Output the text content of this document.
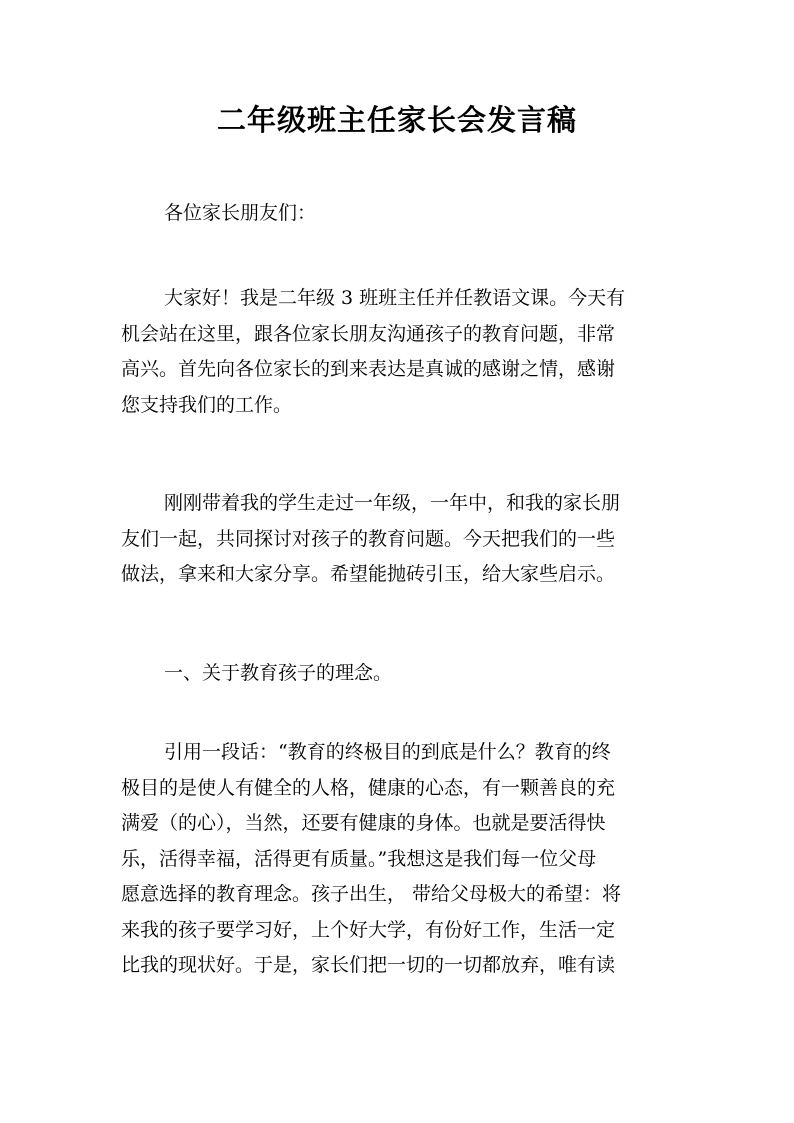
二年级班主任家长会发言稿
各位家长朋友们：
大家好！我是二年级 3 班班主任并任教语文课。今天有
机会站在这里，跟各位家长朋友沟通孩子的教育问题，非常
高兴。首先向各位家长的到来表达是真诚的感谢之情，感谢
您支持我们的工作。
刚刚带着我的学生走过一年级，一年中，和我的家长朋
友们一起，共同探讨对孩子的教育问题。今天把我们的一些
做法，拿来和大家分享。希望能抛砖引玉，给大家些启示。
一、关于教育孩子的理念。
引用一段话：“教育的终极目的到底是什么？教育的终
极目的是使人有健全的人格，健康的心态，有一颗善良的充
满爱（的心），当然，还要有健康的身体。也就是要活得快
乐，活得幸福，活得更有质量。”我想这是我们每一位父母
愿意选择的教育理念。孩子出生， 带给父母极大的希望：将
来我的孩子要学习好，上个好大学，有份好工作，生活一定
比我的现状好。于是，家长们把一切的一切都放弃，唯有读
